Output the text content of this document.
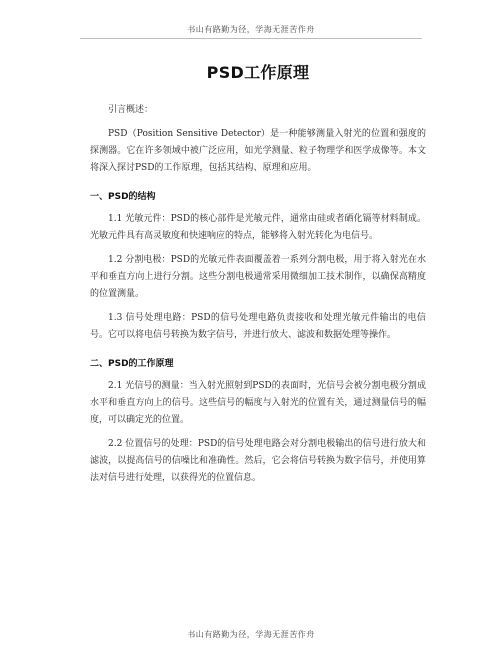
书山有路勤为径，学海无涯苦作舟
PSD工作原理
引言概述：

PSD（Position Sensitive Detector）是一种能够测量入射光的位置和强度的探测器。它在许多领域中被广泛应用，如光学测量、粒子物理学和医学成像等。本文将深入探讨PSD的工作原理，包括其结构、原理和应用。

一、PSD的结构

1.1 光敏元件：PSD的核心部件是光敏元件，通常由硅或者硒化镉等材料制成。光敏元件具有高灵敏度和快速响应的特点，能够将入射光转化为电信号。

1.2 分割电极：PSD的光敏元件表面覆盖着一系列分割电极，用于将入射光在水平和垂直方向上进行分割。这些分割电极通常采用微细加工技术制作，以确保高精度的位置测量。

1.3 信号处理电路：PSD的信号处理电路负责接收和处理光敏元件输出的电信号。它可以将电信号转换为数字信号，并进行放大、滤波和数据处理等操作。

二、PSD的工作原理

2.1 光信号的测量：当入射光照射到PSD的表面时，光信号会被分割电极分割成水平和垂直方向上的信号。这些信号的幅度与入射光的位置有关，通过测量信号的幅度，可以确定光的位置。

2.2 位置信号的处理：PSD的信号处理电路会对分割电极输出的信号进行放大和滤波，以提高信号的信噪比和准确性。然后，它会将信号转换为数字信号，并使用算法对信号进行处理，以获得光的位置信息。

书山有路勤为径，学海无涯苦作舟
